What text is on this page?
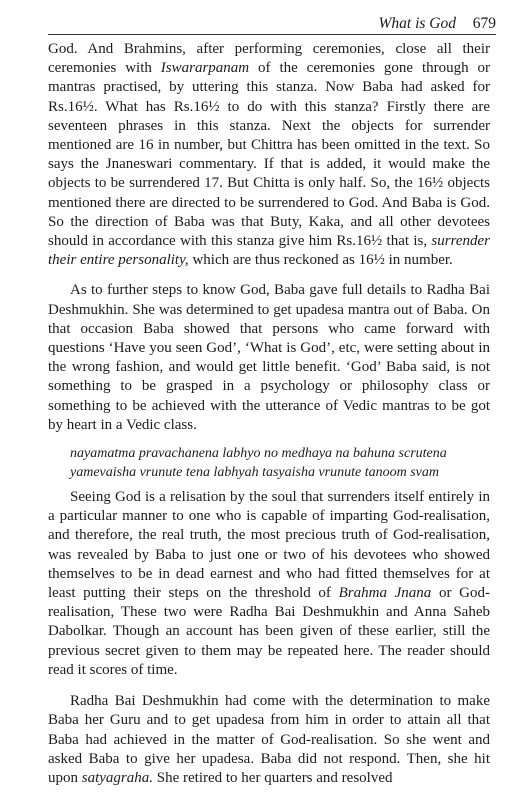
What is God 679

God. And Brahmins, after performing ceremonies, close all their ceremonies with Iswararpanam of the ceremonies gone through or mantras practised, by uttering this stanza. Now Baba had asked for Rs.16½. What has Rs.16½ to do with this stanza? Firstly there are seventeen phrases in this stanza. Next the objects for surrender mentioned are 16 in number, but Chittra has been omitted in the text. So says the Jnaneswari commentary. If that is added, it would make the objects to be surrendered 17. But Chitta is only half. So, the 16½ objects mentioned there are directed to be surrendered to God. And Baba is God. So the direction of Baba was that Buty, Kaka, and all other devotees should in accordance with this stanza give him Rs.16½ that is, surrender their entire personality, which are thus reckoned as 16½ in number.

As to further steps to know God, Baba gave full details to Radha Bai Deshmukhin. She was determined to get upadesa mantra out of Baba. On that occasion Baba showed that persons who came forward with questions ‘Have you seen God’, ‘What is God’, etc, were setting about in the wrong fashion, and would get little benefit. ‘God’ Baba said, is not something to be grasped in a psychology or philosophy class or something to be achieved with the utterance of Vedic mantras to be got by heart in a Vedic class.

nayamatma pravachanena labhyo no medhaya na bahuna scrutena
yamevaisha vrunute tena labhyah tasyaisha vrunute tanoom svam

Seeing God is a relisation by the soul that surrenders itself entirely in a particular manner to one who is capable of imparting God-realisation, and therefore, the real truth, the most precious truth of God-realisation, was revealed by Baba to just one or two of his devotees who showed themselves to be in dead earnest and who had fitted themselves for at least putting their steps on the threshold of Brahma Jnana or God-realisation, These two were Radha Bai Deshmukhin and Anna Saheb Dabolkar. Though an account has been given of these earlier, still the previous secret given to them may be repeated here. The reader should read it scores of time.

Radha Bai Deshmukhin had come with the determination to make Baba her Guru and to get upadesa from him in order to attain all that Baba had achieved in the matter of God-realisation. So she went and asked Baba to give her upadesa. Baba did not respond. Then, she hit upon satyagraha. She retired to her quarters and resolved
